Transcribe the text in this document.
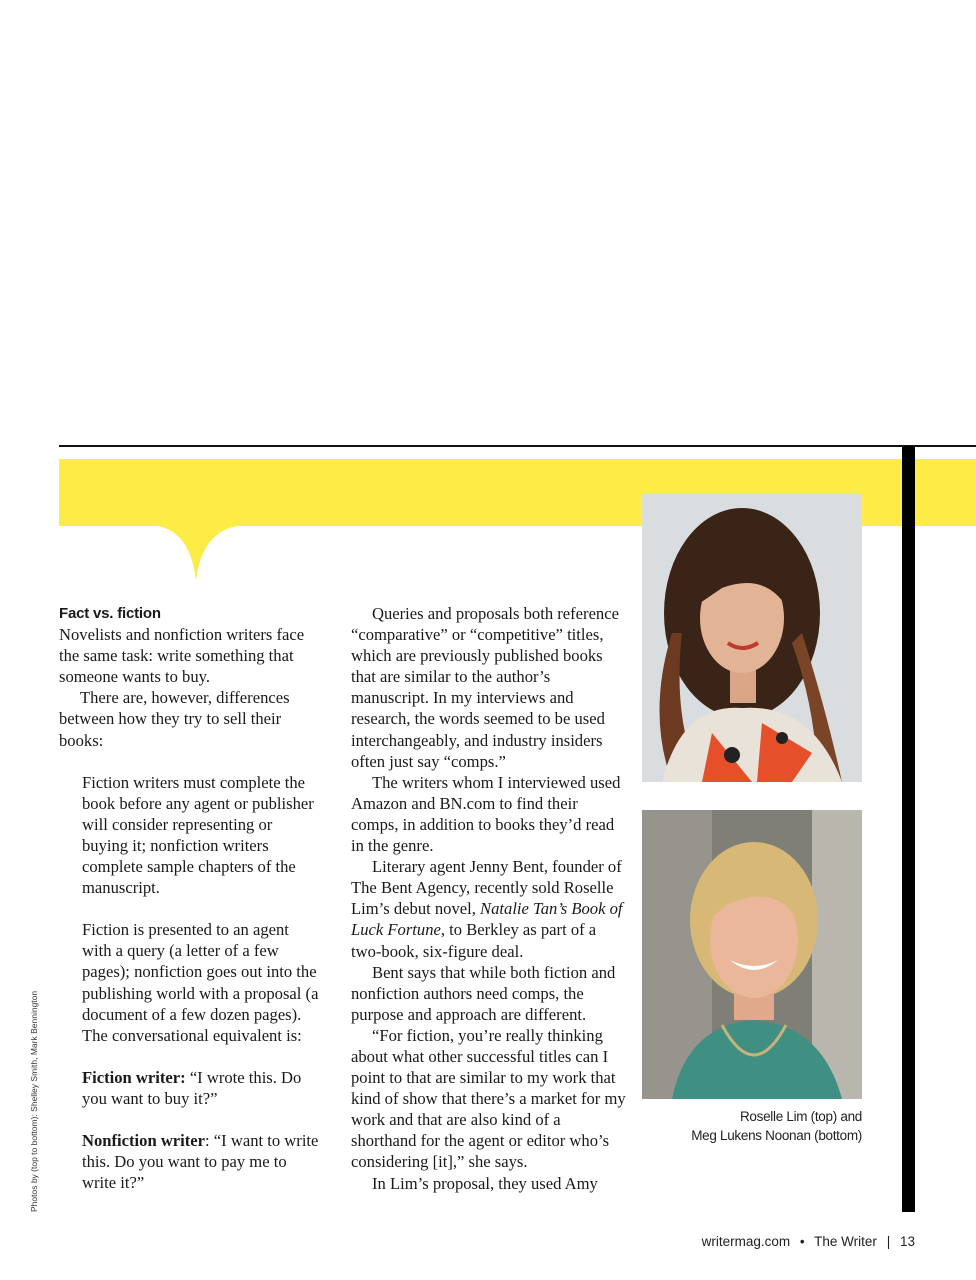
Fact vs. fiction

Novelists and nonfiction writers face the same task: write something that someone wants to buy.

There are, however, differences between how they try to sell their books:

Fiction writers must complete the book before any agent or publisher will consider representing or buying it; nonfiction writers complete sample chapters of the manuscript.

Fiction is presented to an agent with a query (a letter of a few pages); nonfiction goes out into the publishing world with a proposal (a document of a few dozen pages). The conversational equivalent is:

Fiction writer: “I wrote this. Do you want to buy it?”

Nonfiction writer: “I want to write this. Do you want to pay me to write it?”

Queries and proposals both reference “comparative” or “competitive” titles, which are previously published books that are similar to the author’s manuscript. In my interviews and research, the words seemed to be used interchangeably, and industry insiders often just say “comps.”

The writers whom I interviewed used Amazon and BN.com to find their comps, in addition to books they’d read in the genre.

Literary agent Jenny Bent, founder of The Bent Agency, recently sold Roselle Lim’s debut novel, Natalie Tan’s Book of Luck Fortune, to Berkley as part of a two-book, six-figure deal.

Bent says that while both fiction and nonfiction authors need comps, the purpose and approach are different.

“For fiction, you’re really thinking about what other successful titles can I point to that are similar to my work that kind of show that there’s a market for my work and that are also kind of a shorthand for the agent or editor who’s considering [it],” she says.

In Lim’s proposal, they used Amy

Roselle Lim (top) and
Meg Lukens Noonan (bottom)
Photos by (top to bottom): Shelley Smith, Mark Bennington
writermag.com • The Writer | 13
